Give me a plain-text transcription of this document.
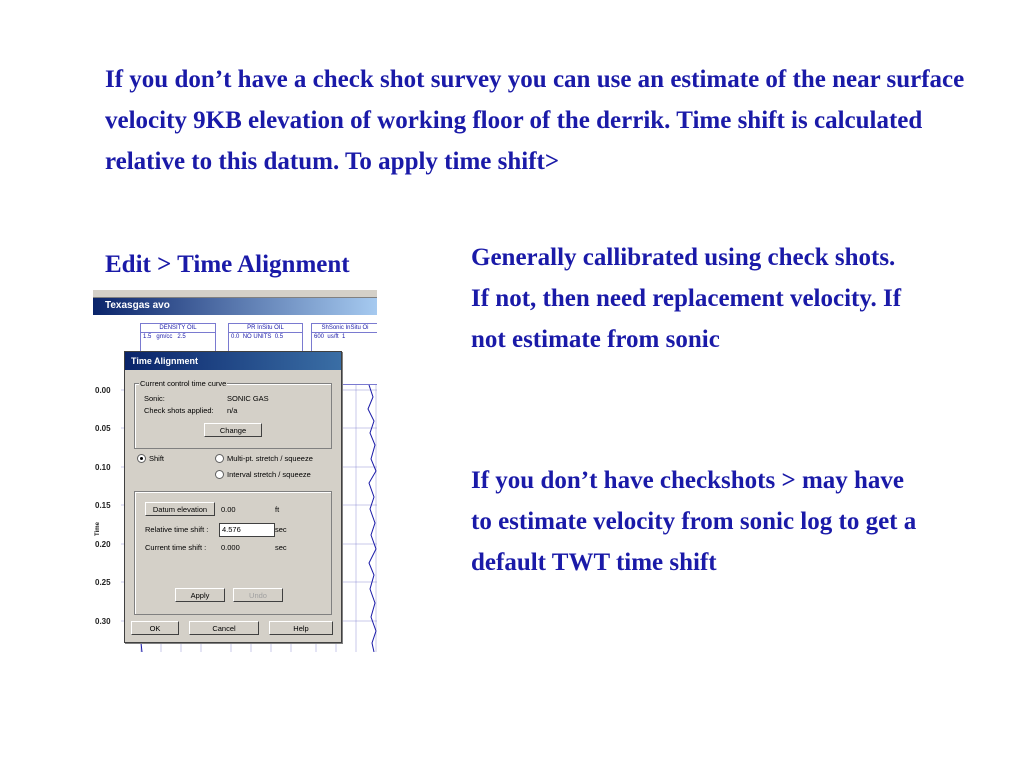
If you don’t have a check shot survey you can use an estimate of the near surface velocity 9KB elevation of working floor of the derrik. Time shift is calculated relative to this datum. To apply time shift>
Edit > Time Alignment	Generally callibrated using check shots. If not, then need replacement velocity. If not estimate from sonic
If you don’t have checkshots > may have to estimate velocity from sonic log to get a default TWT time shift
Texasgas avo
DENSITY OIL
1.5 gm/cc 2.5
PR InSitu OIL
0.0 NO UNITS 0.5
ShSonic InSitu Oi
600 us/ft 1
0.00
0.05
0.10
0.15
0.20
0.25
0.30
Time
Time Alignment
Current control time curve
Sonic:	SONIC GAS
Check shots applied: n/a
Change
Shift	Multi-pt. stretch / squeeze
Interval stretch / squeeze
Datum elevation	0.00	ft
Relative time shift :	4.576	sec
Current time shift : 0.000	sec
Apply	Undo
OK	Cancel	Help
